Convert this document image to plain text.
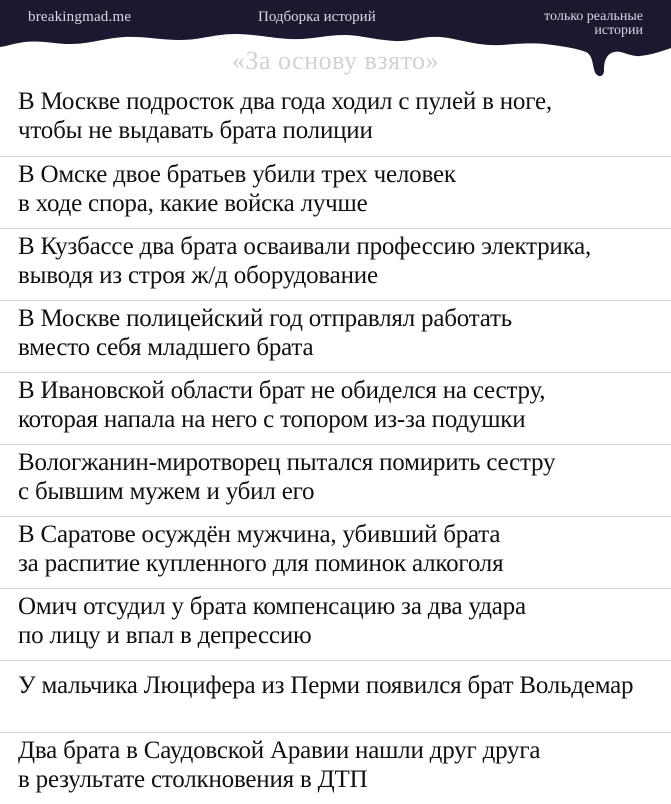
breakingmad.me	Подборка историй	только реальные
истории
«За основу взято»
В Москве подросток два года ходил с пулей в ноге,
чтобы не выдавать брата полиции
В Омске двое братьев убили трех человек
в ходе спора, какие войска лучше
В Кузбассе два брата осваивали профессию электрика,
выводя из строя ж/д оборудование
В Москве полицейский год отправлял работать
вместо себя младшего брата
В Ивановской области брат не обиделся на сестру,
которая напала на него с топором из-за подушки
Вологжанин-миротворец пытался помирить сестру
с бывшим мужем и убил его
В Саратове осуждён мужчина, убивший брата
за распитие купленного для поминок алкоголя
Омич отсудил у брата компенсацию за два удара
по лицу и впал в депрессию
У мальчика Люцифера из Перми появился брат Вольдемар
Два брата в Саудовской Аравии нашли друг друга
в результате столкновения в ДТП
